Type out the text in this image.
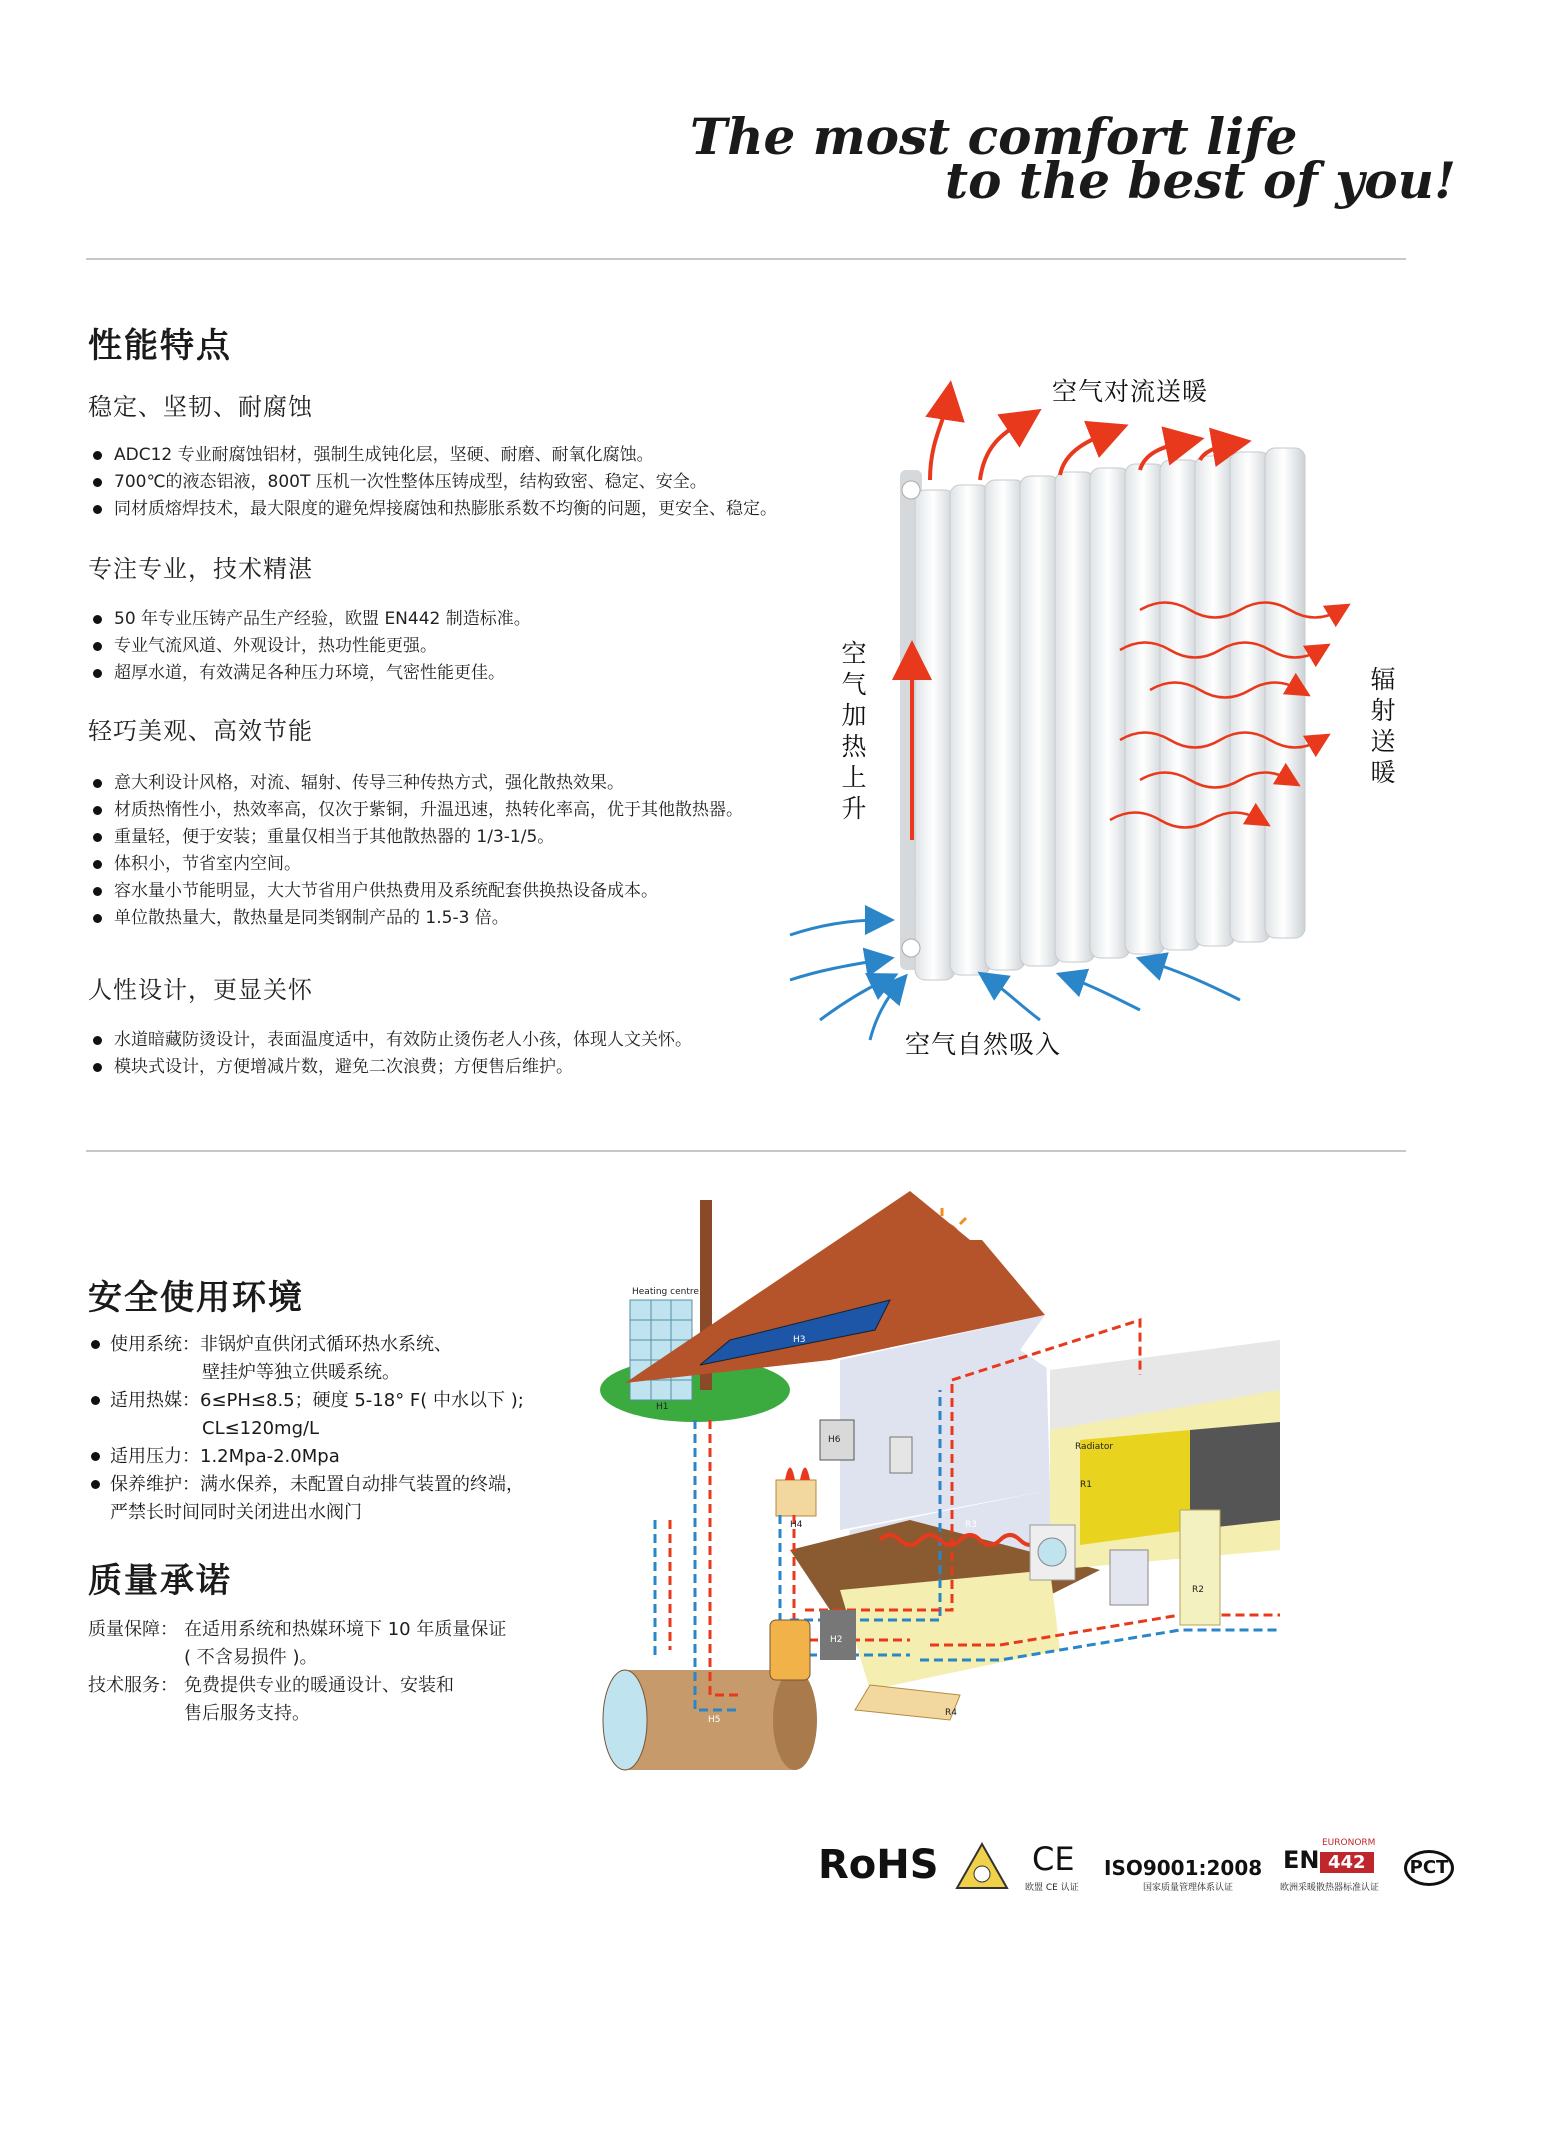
The most comfort life
to the best of you!
性能特点
稳定、坚韧、耐腐蚀
ADC12 专业耐腐蚀铝材，强制生成钝化层，坚硬、耐磨、耐氧化腐蚀。
700℃的液态铝液，800T 压机一次性整体压铸成型，结构致密、稳定、安全。
同材质熔焊技术，最大限度的避免焊接腐蚀和热膨胀系数不均衡的问题，更安全、稳定。
专注专业，技术精湛
50 年专业压铸产品生产经验，欧盟 EN442 制造标准。
专业气流风道、外观设计，热功性能更强。
超厚水道，有效满足各种压力环境，气密性能更佳。
轻巧美观、高效节能
意大利设计风格，对流、辐射、传导三种传热方式，强化散热效果。
材质热惰性小，热效率高，仅次于紫铜，升温迅速，热转化率高，优于其他散热器。
重量轻，便于安装；重量仅相当于其他散热器的 1/3-1/5。
体积小，节省室内空间。
容水量小节能明显，大大节省用户供热费用及系统配套供换热设备成本。
单位散热量大，散热量是同类钢制产品的 1.5-3 倍。
人性设计，更显关怀
水道暗藏防烫设计，表面温度适中，有效防止烫伤老人小孩，体现人文关怀。
模块式设计，方便增减片数，避免二次浪费；方便售后维护。
空气对流送暖
空气加热上升
辐射送暖
空气自然吸入
安全使用环境
使用系统：非锅炉直供闭式循环热水系统、
壁挂炉等独立供暖系统。
适用热媒：6≤PH≤8.5；硬度 5-18° F( 中水以下 );
CL≤120mg/L
适用压力：1.2Mpa-2.0Mpa
保养维护：满水保养，未配置自动排气装置的终端，
严禁长时间同时关闭进出水阀门
质量承诺
质量保障： 在适用系统和热媒环境下 10 年质量保证
( 不含易损件 )。
技术服务： 免费提供专业的暖通设计、安装和
售后服务支持。
Heating centre
Radiator
H1
H2
H3
H4
H5
H6
R1
R2
R3
R4
RoHS	CE
欧盟 CE 认证
ISO9001:2008
国家质量管理体系认证
EURONORM
EN 442
欧洲采暖散热器标准认证
PCT
